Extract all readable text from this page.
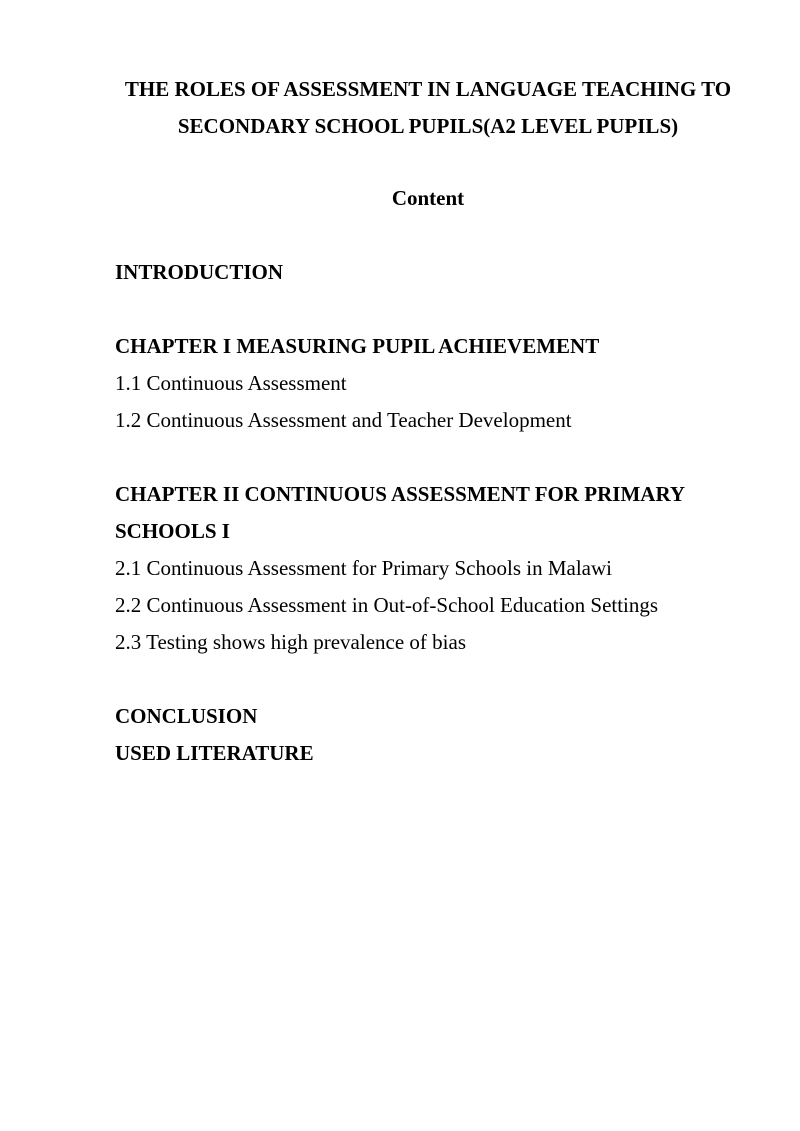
THE ROLES OF ASSESSMENT IN LANGUAGE TEACHING TO
SECONDARY SCHOOL PUPILS(A2 LEVEL PUPILS)
Content
INTRODUCTION
CHAPTER I MEASURING PUPIL ACHIEVEMENT
1.1 Continuous Assessment
1.2 Continuous Assessment and Teacher Development
CHAPTER II CONTINUOUS ASSESSMENT FOR PRIMARY
SCHOOLS I
2.1 Continuous Assessment for Primary Schools in Malawi
2.2 Continuous Assessment in Out-of-School Education Settings
2.3 Testing shows high prevalence of bias
CONCLUSION
USED LITERATURE
